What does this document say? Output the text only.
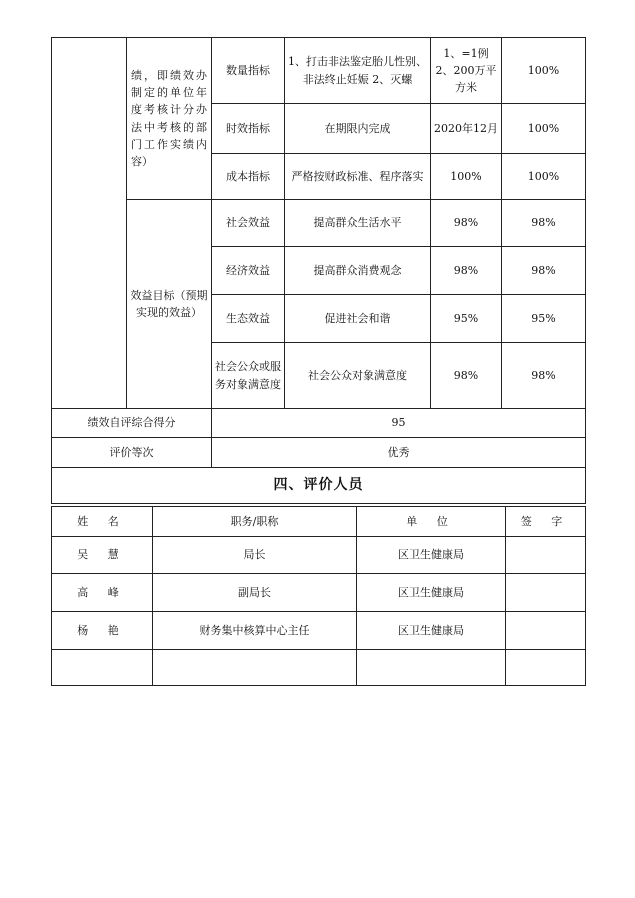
	绩，即绩效办制定的单位年度考核计分办法中考核的部门工作实绩内容）	数量指标	1、打击非法鉴定胎儿性别、非法终止妊娠 2、灭螺	1、=1例 2、200万平方米	100%
		时效指标	在期限内完成	2020年12月	100%
		成本指标	严格按财政标准、程序落实	100%	100%
	效益目标（预期实现的效益）	社会效益	提高群众生活水平	98%	98%
		经济效益	提高群众消费观念	98%	98%
		生态效益	促进社会和谐	95%	95%
		社会公众或服务对象满意度	社会公众对象满意度	98%	98%
绩效自评综合得分		95			
评价等次		优秀			
四、评价人员					
姓 名	职务/职称	单 位	签 字
吴 慧	局长	区卫生健康局	
高 峰	副局长	区卫生健康局	
杨 艳	财务集中核算中心主任	区卫生健康局	
